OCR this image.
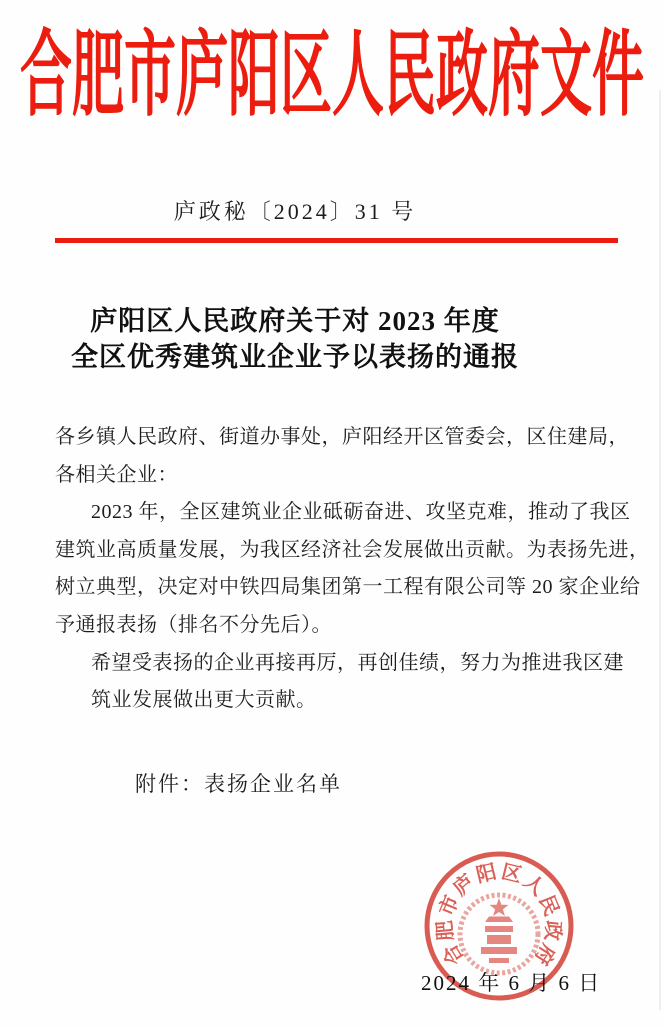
合肥市庐阳区人民政府文件
庐政秘〔2024〕31 号
庐阳区人民政府关于对 2023 年度
全区优秀建筑业企业予以表扬的通报
各乡镇人民政府、街道办事处，庐阳经开区管委会，区住建局，
各相关企业：
2023 年，全区建筑业企业砥砺奋进、攻坚克难，推动了我区
建筑业高质量发展，为我区经济社会发展做出贡献。为表扬先进，
树立典型，决定对中铁四局集团第一工程有限公司等 20 家企业给
予通报表扬（排名不分先后）。
希望受表扬的企业再接再厉，再创佳绩，努力为推进我区建
筑业发展做出更大贡献。
附件：表扬企业名单
合
肥
市
庐
阳 区
人
民
政
府
2024 年 6 月 6 日
